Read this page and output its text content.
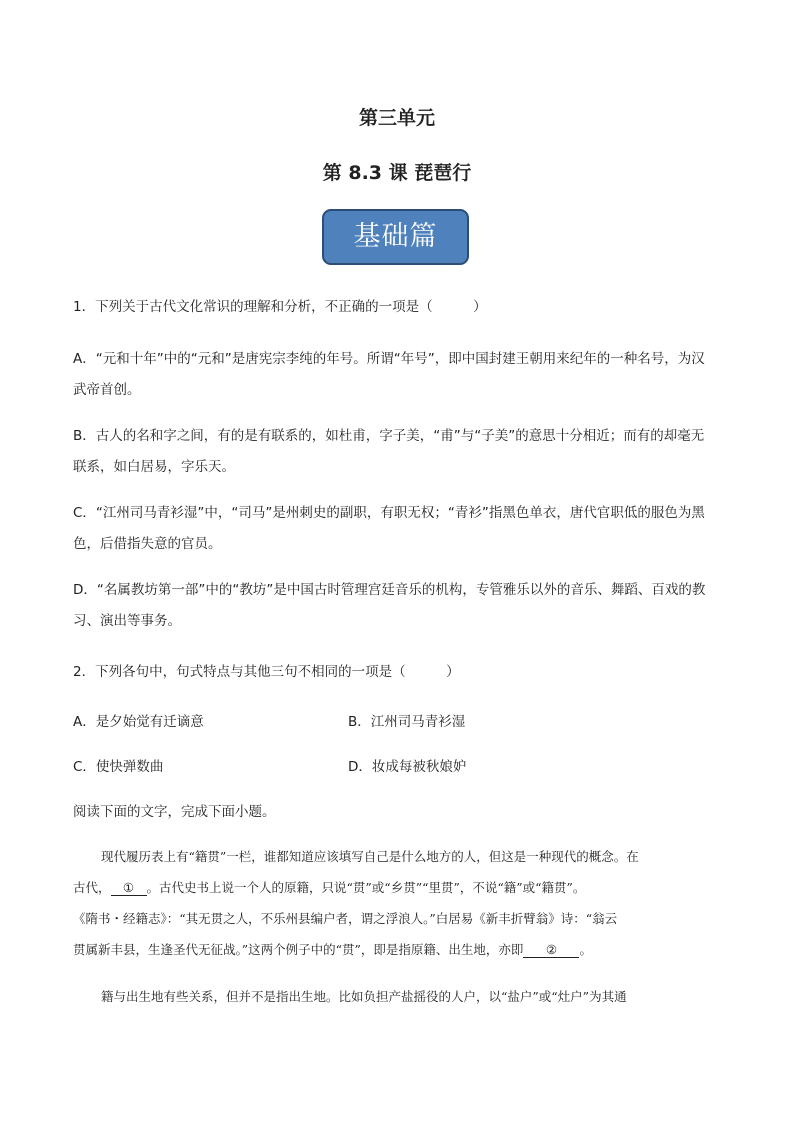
第三单元
第 8.3 课 琵琶行
基础篇
1．下列关于古代文化常识的理解和分析，不正确的一项是（　　　）
A．“元和十年”中的“元和”是唐宪宗李纯的年号。所谓“年号”，即中国封建王朝用来纪年的一种名号，为汉
武帝首创。
B．古人的名和字之间，有的是有联系的，如杜甫，字子美，“甫”与“子美”的意思十分相近；而有的却毫无
联系，如白居易，字乐天。
C．“江州司马青衫湿”中，“司马”是州刺史的副职，有职无权；“青衫”指黑色单衣，唐代官职低的服色为黑
色，后借指失意的官员。
D．“名属教坊第一部”中的“教坊”是中国古时管理宫廷音乐的机构，专管雅乐以外的音乐、舞蹈、百戏的教
习、演出等事务。
2．下列各句中，句式特点与其他三句不相同的一项是（　　　）
A．是夕始觉有迁谪意	B．江州司马青衫湿
C．使快弹数曲	D．妆成每被秋娘妒
阅读下面的文字，完成下面小题。
现代履历表上有“籍贯”一栏，谁都知道应该填写自己是什么地方的人，但这是一种现代的概念。在
古代， ① 。古代史书上说一个人的原籍，只说“贯”或“乡贯”“里贯”，不说“籍”或“籍贯”。
《隋书・经籍志》：“其无贯之人，不乐州县编户者，谓之浮浪人。”白居易《新丰折臂翁》诗：“翁云
贯属新丰县，生逢圣代无征战。”这两个例子中的“贯”，即是指原籍、出生地，亦即 ② 。
籍与出生地有些关系，但并不是指出生地。比如负担产盐摇役的人户，以“盐户”或“灶户”为其通
